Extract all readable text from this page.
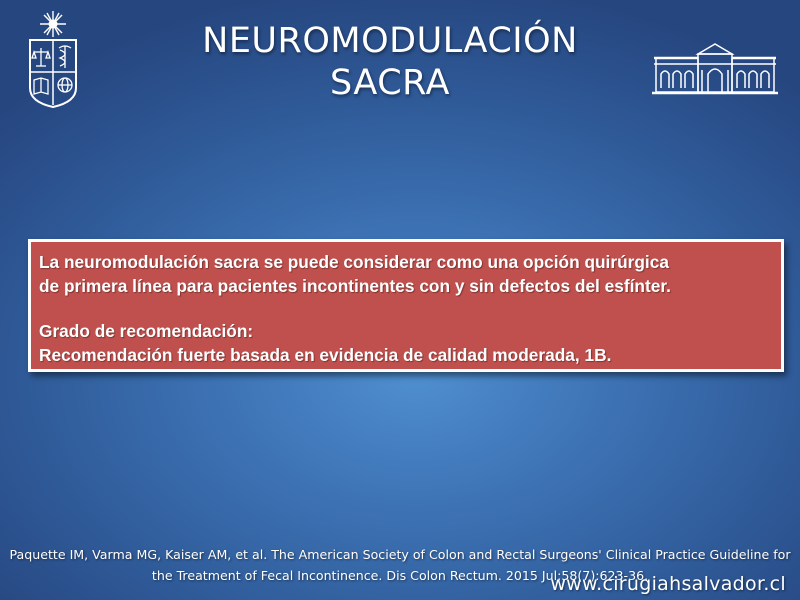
NEUROMODULACIÓN
SACRA

La neuromodulación sacra se puede considerar como una opción quirúrgica

de primera línea para pacientes incontinentes con y sin defectos del esfínter.

Grado de recomendación:

Recomendación fuerte basada en evidencia de calidad moderada, 1B.

Paquette IM, Varma MG, Kaiser AM, et al. The American Society of Colon and Rectal Surgeons' Clinical Practice Guideline for
the Treatment of Fecal Incontinence. Dis Colon Rectum. 2015 Jul;58(7):623-36.
www.cirugiahsalvador.cl
